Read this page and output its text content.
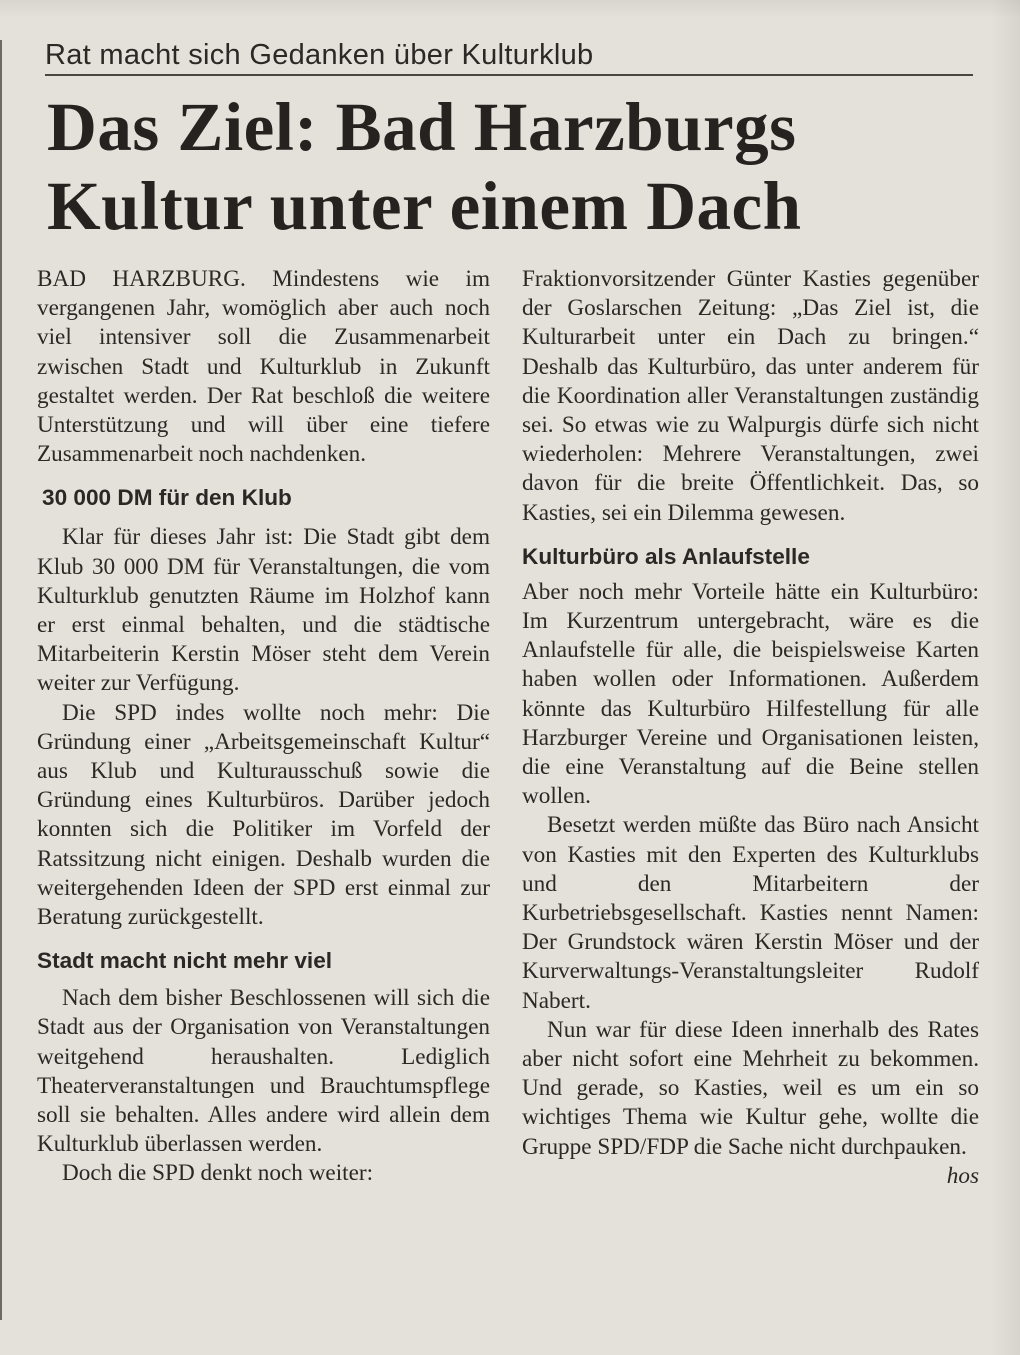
Rat macht sich Gedanken über Kulturklub
Das Ziel: Bad Harzburgs
Kultur unter einem Dach

BAD HARZBURG. Mindestens wie im vergangenen Jahr, womöglich aber auch noch viel intensiver soll die Zusammenarbeit zwischen Stadt und Kulturklub in Zukunft gestaltet werden. Der Rat beschloß die weitere Unterstützung und will über eine tiefere Zusammenarbeit noch nachdenken.

30 000 DM für den Klub

Klar für dieses Jahr ist: Die Stadt gibt dem Klub 30 000 DM für Veranstaltungen, die vom Kulturklub genutzten Räume im Holzhof kann er erst einmal behalten, und die städtische Mitarbeiterin Kerstin Möser steht dem Verein weiter zur Verfügung.

Die SPD indes wollte noch mehr: Die Gründung einer „Arbeitsgemeinschaft Kultur“ aus Klub und Kulturausschuß sowie die Gründung eines Kulturbüros. Darüber jedoch konnten sich die Politiker im Vorfeld der Ratssitzung nicht einigen. Deshalb wurden die weitergehenden Ideen der SPD erst einmal zur Beratung zurückgestellt.

Stadt macht nicht mehr viel

Nach dem bisher Beschlossenen will sich die Stadt aus der Organisation von Veranstaltungen weitgehend heraushalten. Lediglich Theaterveranstaltungen und Brauchtumspflege soll sie behalten. Alles andere wird allein dem Kulturklub überlassen werden.

Doch die SPD denkt noch weiter:

Fraktionvorsitzender Günter Kasties gegenüber der Goslarschen Zeitung: „Das Ziel ist, die Kulturarbeit unter ein Dach zu bringen.“ Deshalb das Kulturbüro, das unter anderem für die Koordination aller Veranstaltungen zuständig sei. So etwas wie zu Walpurgis dürfe sich nicht wiederholen: Mehrere Veranstaltungen, zwei davon für die breite Öffentlichkeit. Das, so Kasties, sei ein Dilemma gewesen.

Kulturbüro als Anlaufstelle

Aber noch mehr Vorteile hätte ein Kulturbüro: Im Kurzentrum untergebracht, wäre es die Anlaufstelle für alle, die beispielsweise Karten haben wollen oder Informationen. Außerdem könnte das Kulturbüro Hilfestellung für alle Harzburger Vereine und Organisationen leisten, die eine Veranstaltung auf die Beine stellen wollen.

Besetzt werden müßte das Büro nach Ansicht von Kasties mit den Experten des Kulturklubs und den Mitarbeitern der Kurbetriebsgesellschaft. Kasties nennt Namen: Der Grundstock wären Kerstin Möser und der Kurverwaltungs-Veranstaltungsleiter Rudolf Nabert.

Nun war für diese Ideen innerhalb des Rates aber nicht sofort eine Mehrheit zu bekommen. Und gerade, so Kasties, weil es um ein so wichtiges Thema wie Kultur gehe, wollte die Gruppe SPD/FDP die Sache nicht durchpauken.
hos
